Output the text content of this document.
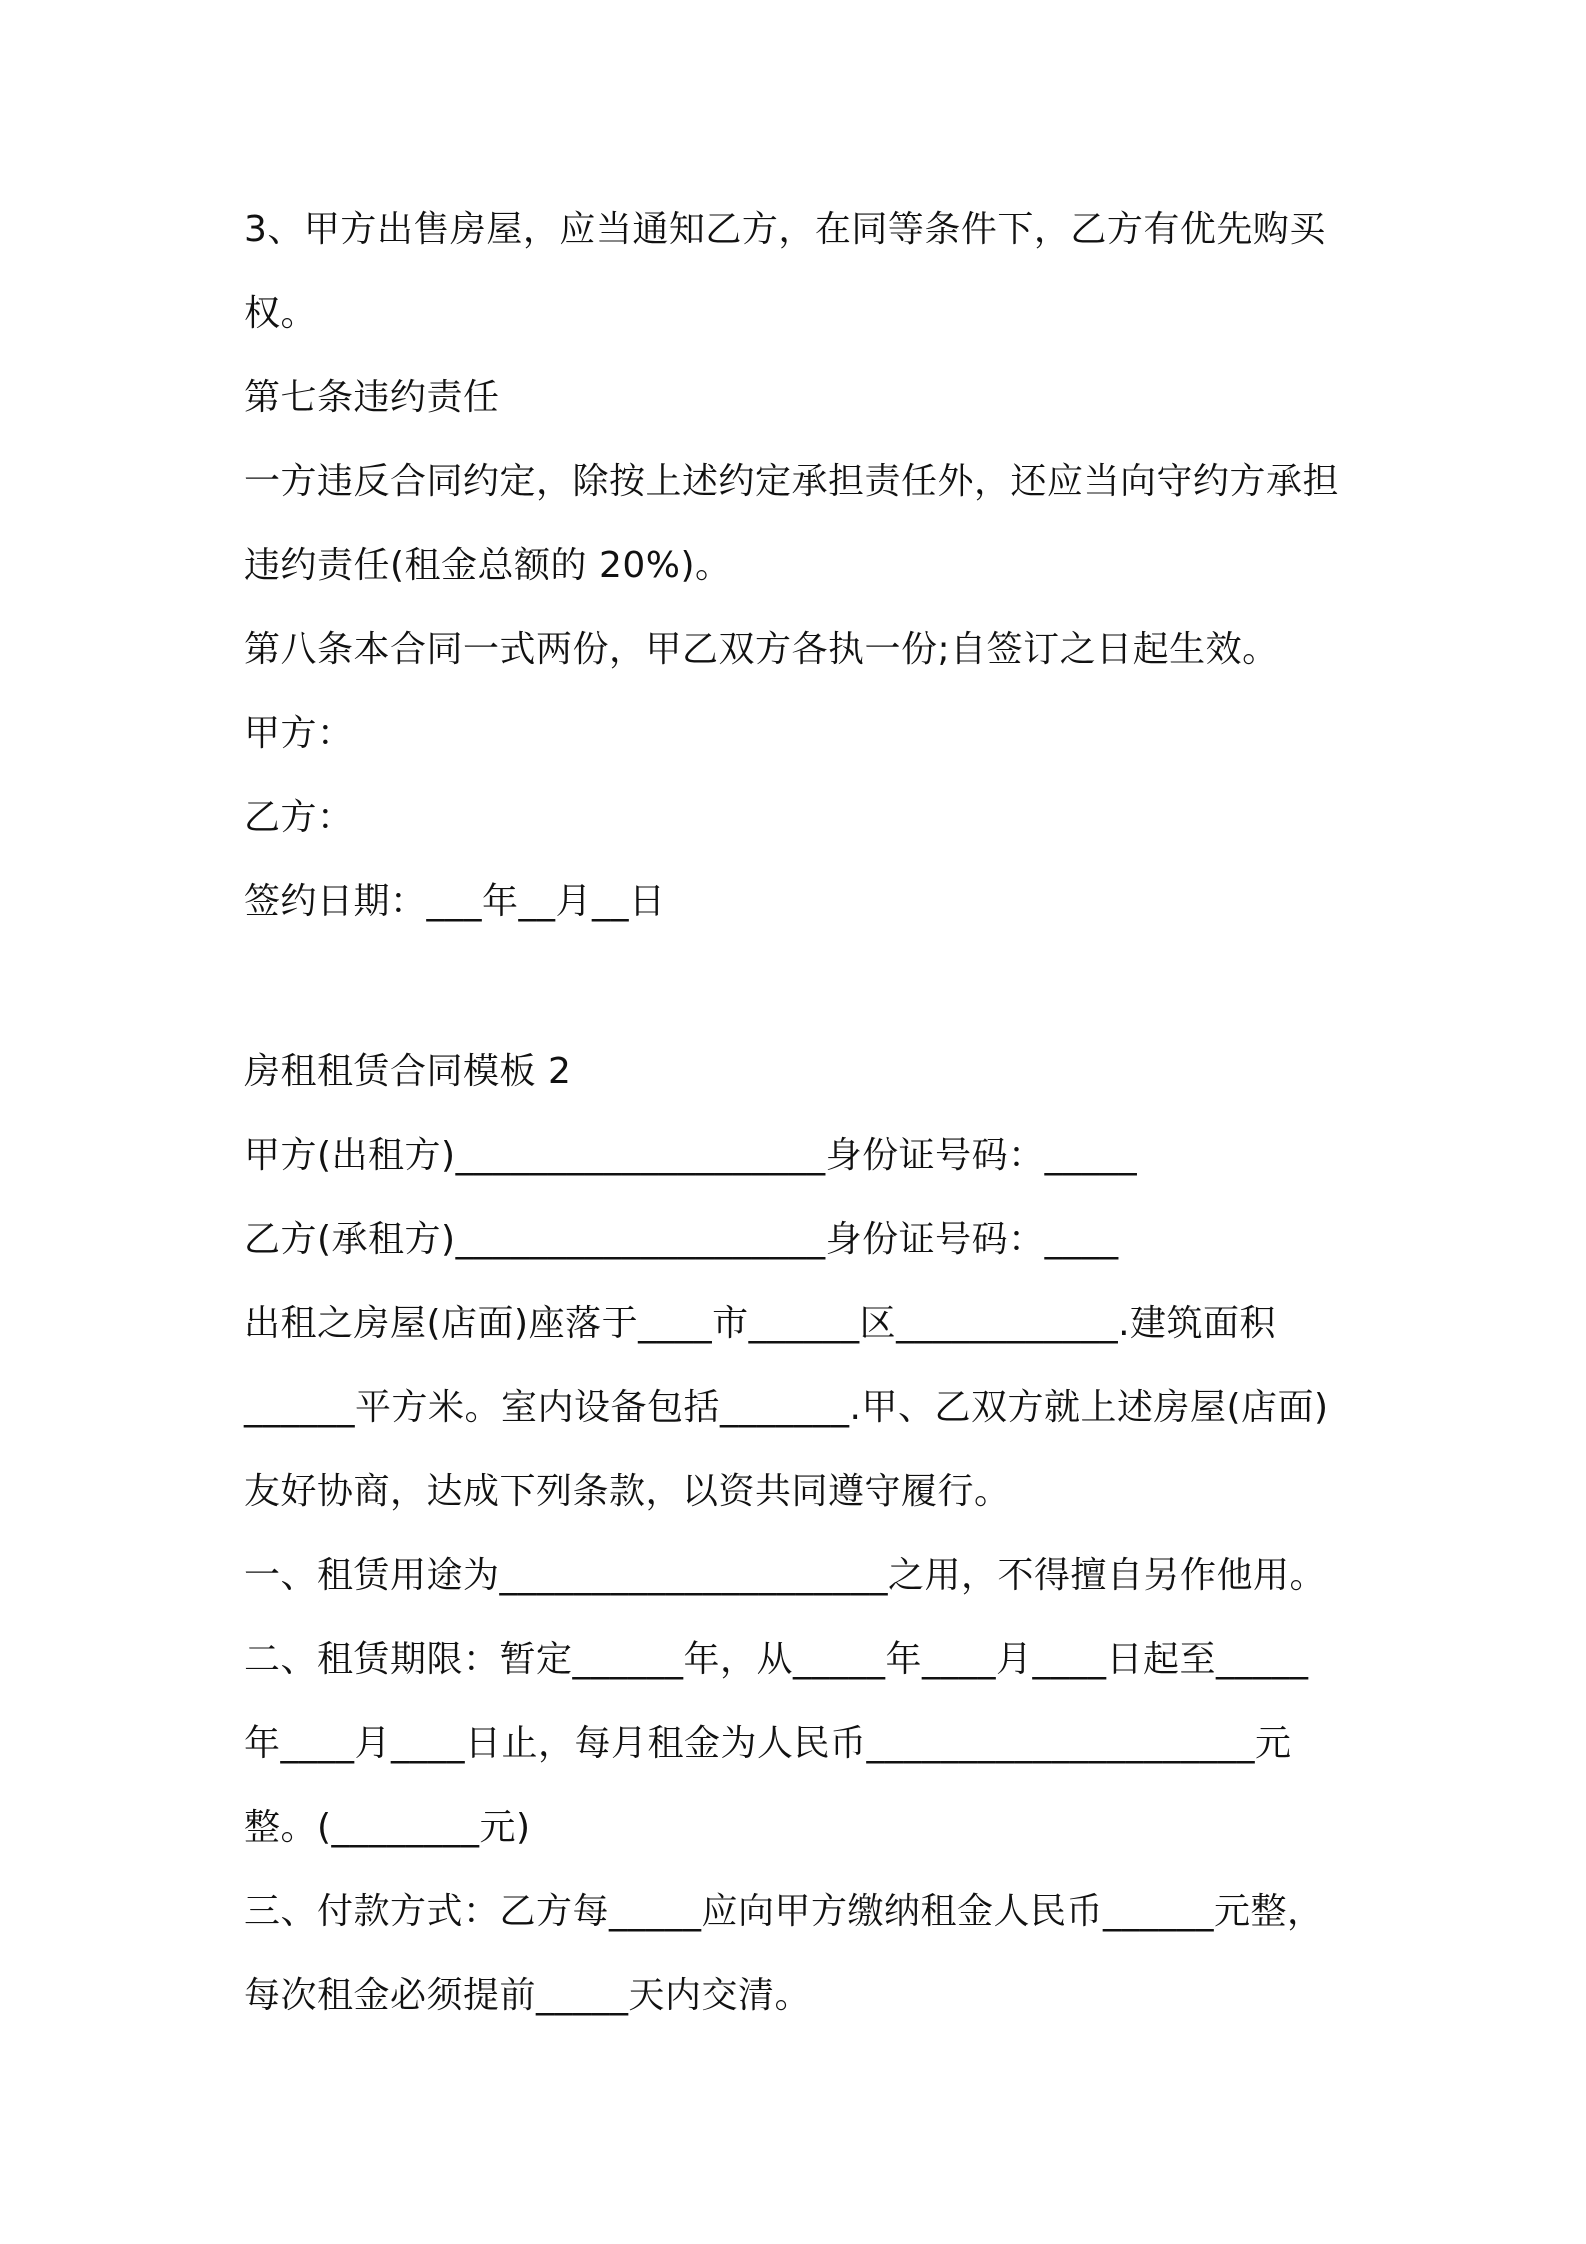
3、甲方出售房屋，应当通知乙方，在同等条件下，乙方有优先购买
权。
第七条违约责任
一方违反合同约定，除按上述约定承担责任外，还应当向守约方承担
违约责任(租金总额的 20%)。
第八条本合同一式两份，甲乙双方各执一份;自签订之日起生效。
甲方：
乙方：
签约日期：___年__月__日
房租租赁合同模板 2
甲方(出租方)____________________身份证号码：_____
乙方(承租方)____________________身份证号码：____
出租之房屋(店面)座落于____市______区____________.建筑面积
______平方米。室内设备包括_______.甲、乙双方就上述房屋(店面)
友好协商，达成下列条款，以资共同遵守履行。
一、租赁用途为_____________________之用，不得擅自另作他用。
二、租赁期限：暂定______年，从_____年____月____日起至_____
年____月____日止，每月租金为人民币_____________________元
整。(________元)
三、付款方式：乙方每_____应向甲方缴纳租金人民币______元整，
每次租金必须提前_____天内交清。
